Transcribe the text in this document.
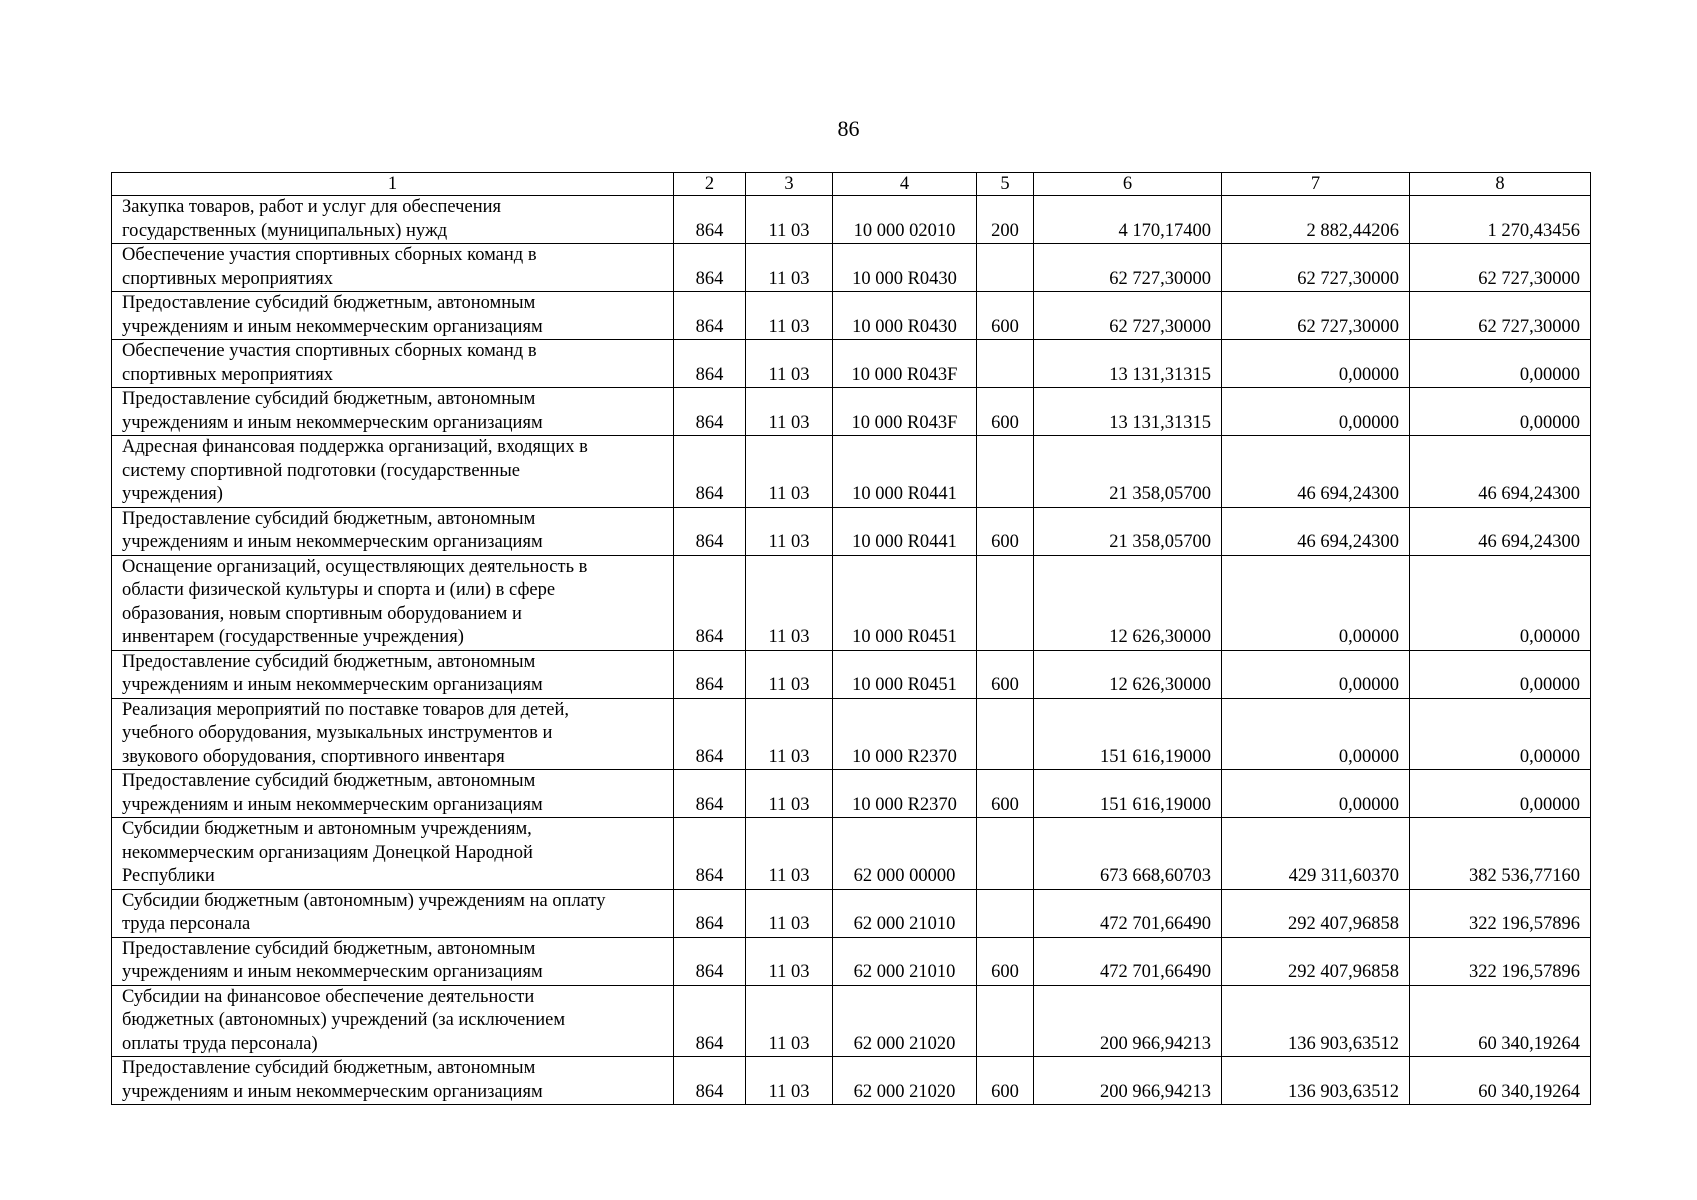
86
1	2	3	4	5	6	7	8
Закупка товаров, работ и услуг для обеспечения
государственных (муниципальных) нужд	864	11 03	10 000 02010	200	4 170,17400	2 882,44206	1 270,43456
Обеспечение участия спортивных сборных команд в
спортивных мероприятиях	864	11 03	10 000 R0430		62 727,30000	62 727,30000	62 727,30000
Предоставление субсидий бюджетным, автономным
учреждениям и иным некоммерческим организациям	864	11 03	10 000 R0430	600	62 727,30000	62 727,30000	62 727,30000
Обеспечение участия спортивных сборных команд в
спортивных мероприятиях	864	11 03	10 000 R043F		13 131,31315	0,00000	0,00000
Предоставление субсидий бюджетным, автономным
учреждениям и иным некоммерческим организациям	864	11 03	10 000 R043F	600	13 131,31315	0,00000	0,00000
Адресная финансовая поддержка организаций, входящих в
систему спортивной подготовки (государственные
учреждения)	864	11 03	10 000 R0441		21 358,05700	46 694,24300	46 694,24300
Предоставление субсидий бюджетным, автономным
учреждениям и иным некоммерческим организациям	864	11 03	10 000 R0441	600	21 358,05700	46 694,24300	46 694,24300
Оснащение организаций, осуществляющих деятельность в
области физической культуры и спорта и (или) в сфере
образования, новым спортивным оборудованием и
инвентарем (государственные учреждения)	864	11 03	10 000 R0451		12 626,30000	0,00000	0,00000
Предоставление субсидий бюджетным, автономным
учреждениям и иным некоммерческим организациям	864	11 03	10 000 R0451	600	12 626,30000	0,00000	0,00000
Реализация мероприятий по поставке товаров для детей,
учебного оборудования, музыкальных инструментов и
звукового оборудования, спортивного инвентаря	864	11 03	10 000 R2370		151 616,19000	0,00000	0,00000
Предоставление субсидий бюджетным, автономным
учреждениям и иным некоммерческим организациям	864	11 03	10 000 R2370	600	151 616,19000	0,00000	0,00000
Субсидии бюджетным и автономным учреждениям,
некоммерческим организациям Донецкой Народной
Республики	864	11 03	62 000 00000		673 668,60703	429 311,60370	382 536,77160
Субсидии бюджетным (автономным) учреждениям на оплату
труда персонала	864	11 03	62 000 21010		472 701,66490	292 407,96858	322 196,57896
Предоставление субсидий бюджетным, автономным
учреждениям и иным некоммерческим организациям	864	11 03	62 000 21010	600	472 701,66490	292 407,96858	322 196,57896
Субсидии на финансовое обеспечение деятельности
бюджетных (автономных) учреждений (за исключением
оплаты труда персонала)	864	11 03	62 000 21020		200 966,94213	136 903,63512	60 340,19264
Предоставление субсидий бюджетным, автономным
учреждениям и иным некоммерческим организациям	864	11 03	62 000 21020	600	200 966,94213	136 903,63512	60 340,19264
